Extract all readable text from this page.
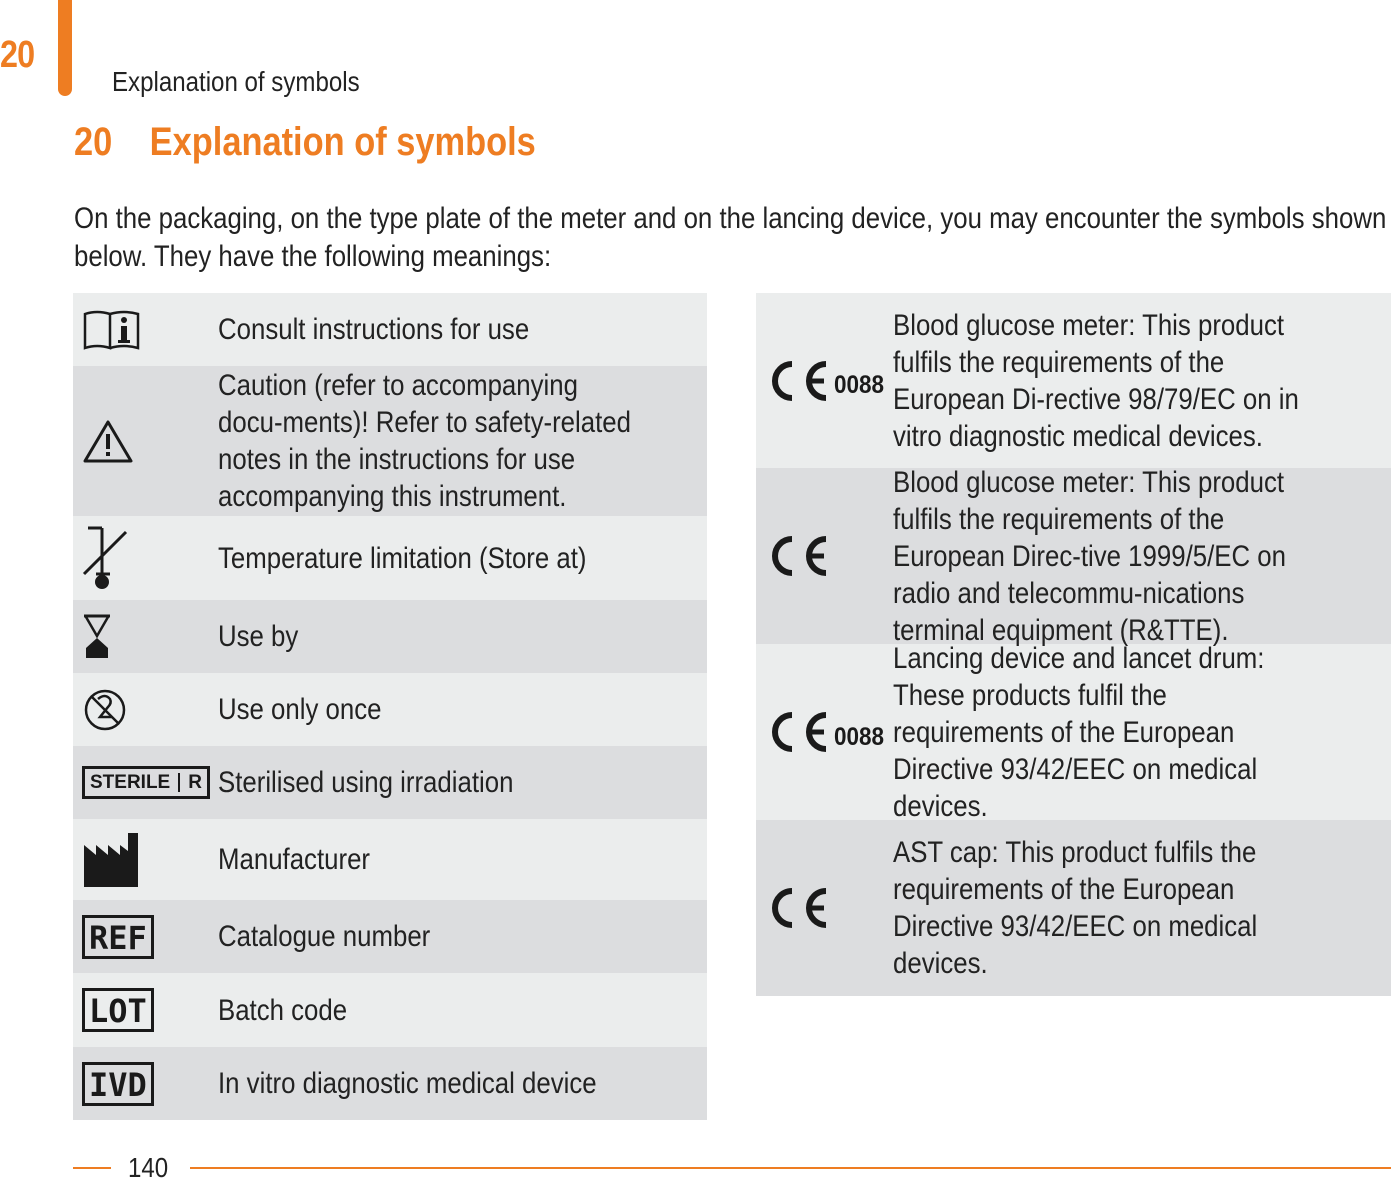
20
Explanation of symbols
20 Explanation of symbols
On the packaging, on the type plate of the meter and on the lancing device, you may encounter the symbols shown below. They have the following meanings:
Consult instructions for use
Caution (refer to accompanying docu-ments)! Refer to safety-related notes in the instructions for use accompanying this instrument.
Temperature limitation (Store at)
Use by
Use only once
STERILE R Sterilised using irradiation
Manufacturer
REF Catalogue number
LOT Batch code
IVD In vitro diagnostic medical device
0088
Blood glucose meter: This product fulfils the requirements of the European Di-rective 98/79/EC on in vitro diagnostic medical devices.
Blood glucose meter: This product fulfils the requirements of the European Direc-tive 1999/5/EC on radio and telecommu-nications terminal equipment (R&TTE).
0088
Lancing device and lancet drum: These products fulfil the requirements of the European Directive 93/42/EEC on medical devices.
AST cap: This product fulfils the requirements of the European Directive 93/42/EEC on medical devices.
140
